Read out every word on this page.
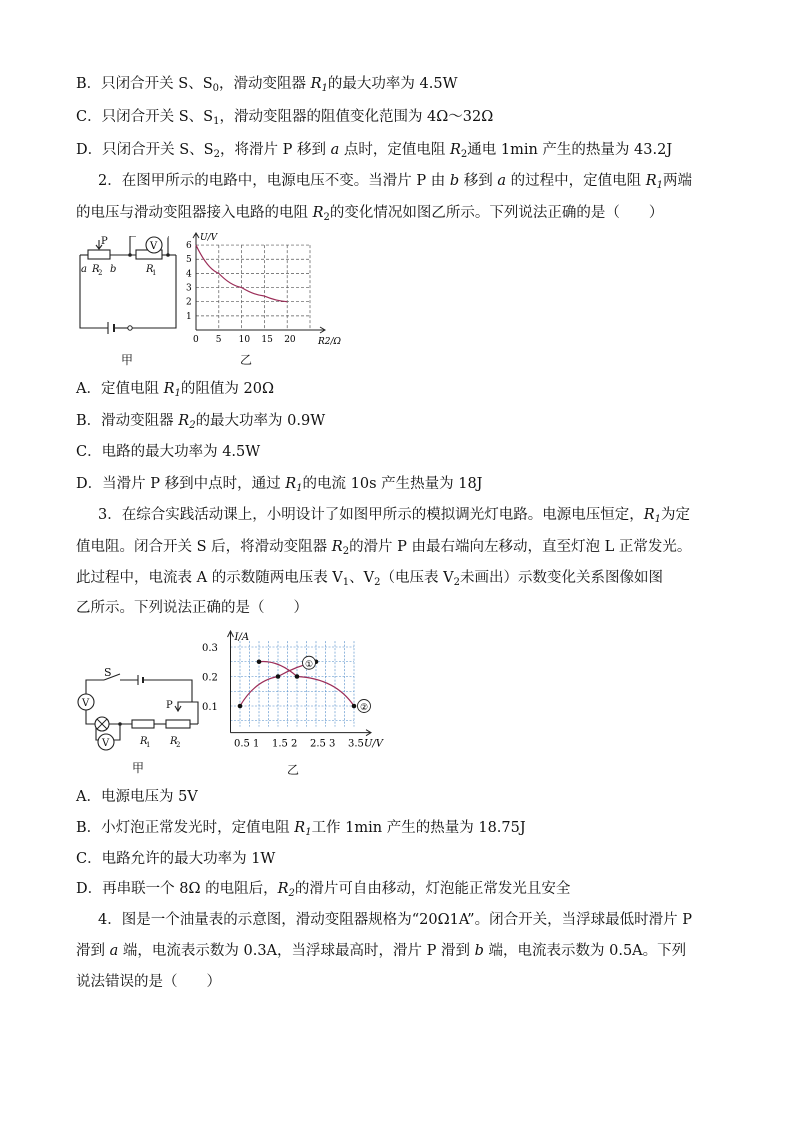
B．只闭合开关 S、$S_0$，滑动变阻器 $R_1$的最大功率为 4.5W
C．只闭合开关 S、$S_1$，滑动变阻器的阻值变化范围为 4Ω～32Ω
D．只闭合开关 S、$S_2$，将滑片 P 移到 a 点时，定值电阻 $R_2$通电 1min 产生的热量为 43.2J
2．在图甲所示的电路中，电源电压不变。当滑片 P 由 b 移到 a 的过程中，定值电阻 $R_1$两端
的电压与滑动变阻器接入电路的电阻 $R_2$的变化情况如图乙所示。下列说法正确的是（　　）
P
a b
R
2	R
1
V
甲
0 5 10 15 20
1
2
3
4
5
6
U/V
R2/Ω
乙
A．定值电阻 $R_1$的阻值为 20Ω
B．滑动变阻器 $R_2$的最大功率为 0.9W
C．电路的最大功率为 4.5W
D．当滑片 P 移到中点时，通过 $R_1$的电流 10s 产生热量为 18J
3．在综合实践活动课上，小明设计了如图甲所示的模拟调光灯电路。电源电压恒定，$R_1$为定
值电阻。闭合开关 S 后，将滑动变阻器 $R_2$的滑片 P 由最右端向左移动，直至灯泡 L 正常发光。
此过程中，电流表 A 的示数随两电压表 $V_1$、$V_2$（电压表 $V_2$未画出）示数变化关系图像如图
乙所示。下列说法正确的是（　　）
S
V
V
P
R
1 R
2
甲
0.5 1 1.5 2 2.5 3 3.5
0.1
0.2
0.3
I/A
U/V
①
②
乙
A．电源电压为 5V
B．小灯泡正常发光时，定值电阻 $R_1$工作 1min 产生的热量为 18.75J
C．电路允许的最大功率为 1W
D．再串联一个 8Ω 的电阻后，$R_2$的滑片可自由移动，灯泡能正常发光且安全
4．图是一个油量表的示意图，滑动变阻器规格为“20Ω1A”。闭合开关，当浮球最低时滑片 P
滑到 a 端，电流表示数为 0.3A，当浮球最高时，滑片 P 滑到 b 端，电流表示数为 0.5A。下列
说法错误的是（　　）
